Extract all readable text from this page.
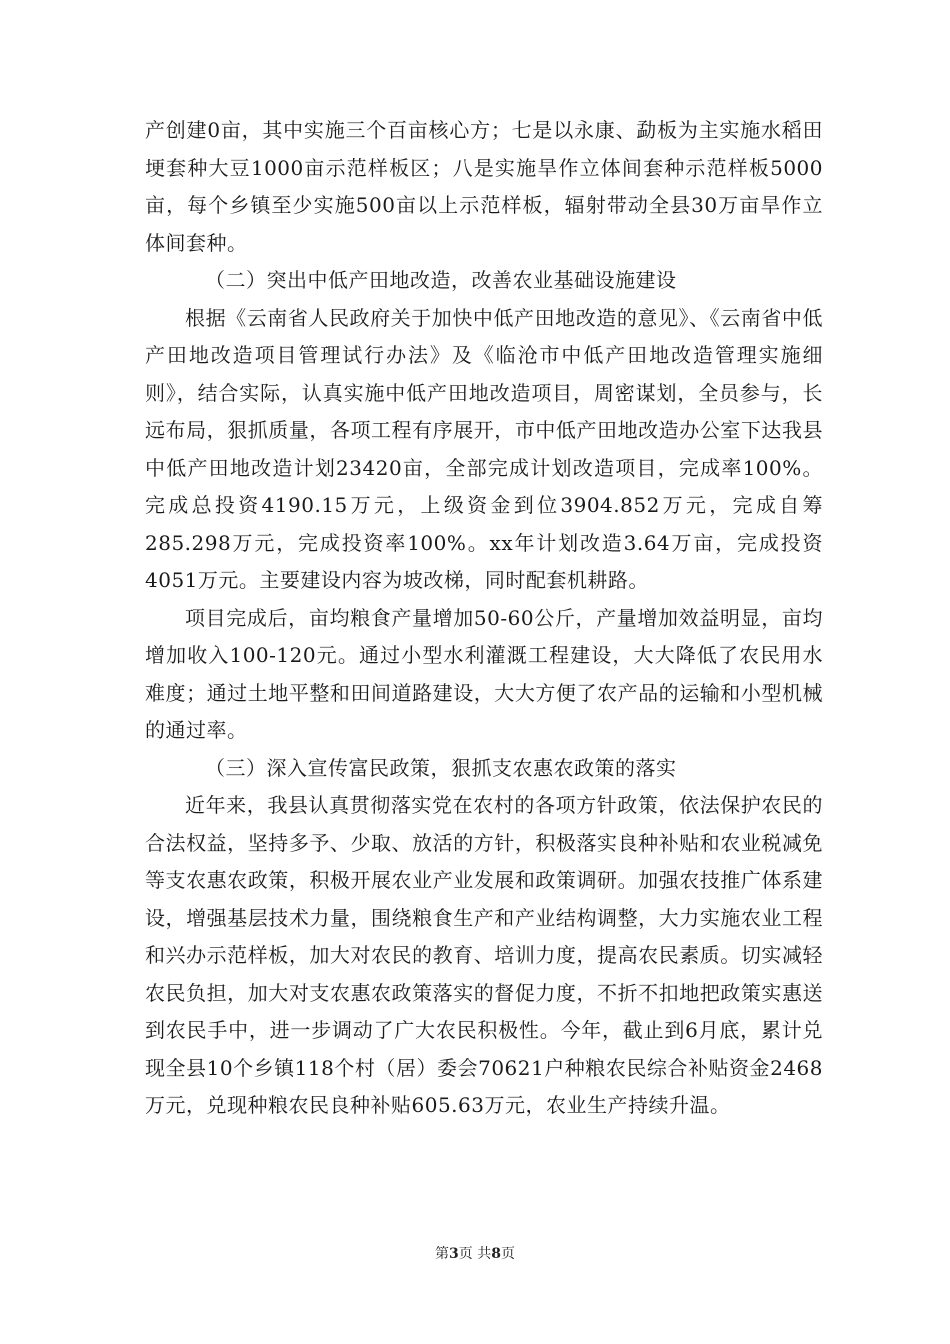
产创建0亩，其中实施三个百亩核心方；七是以永康、勐板为主实施水稻田埂套种大豆1000亩示范样板区；八是实施旱作立体间套种示范样板5000亩，每个乡镇至少实施500亩以上示范样板，辐射带动全县30万亩旱作立体间套种。

（二）突出中低产田地改造，改善农业基础设施建设

根据《云南省人民政府关于加快中低产田地改造的意见》、《云南省中低产田地改造项目管理试行办法》及《临沧市中低产田地改造管理实施细则》，结合实际，认真实施中低产田地改造项目，周密谋划，全员参与，长远布局，狠抓质量，各项工程有序展开，市中低产田地改造办公室下达我县中低产田地改造计划23420亩，全部完成计划改造项目，完成率100%。完成总投资4190.15万元，上级资金到位3904.852万元，完成自筹285.298万元，完成投资率100%。xx年计划改造3.64万亩，完成投资4051万元。主要建设内容为坡改梯，同时配套机耕路。

项目完成后，亩均粮食产量增加50-60公斤，产量增加效益明显，亩均增加收入100-120元。通过小型水利灌溉工程建设，大大降低了农民用水难度；通过土地平整和田间道路建设，大大方便了农产品的运输和小型机械的通过率。

（三）深入宣传富民政策，狠抓支农惠农政策的落实

近年来，我县认真贯彻落实党在农村的各项方针政策，依法保护农民的合法权益，坚持多予、少取、放活的方针，积极落实良种补贴和农业税减免等支农惠农政策，积极开展农业产业发展和政策调研。加强农技推广体系建设，增强基层技术力量，围绕粮食生产和产业结构调整，大力实施农业工程和兴办示范样板，加大对农民的教育、培训力度，提高农民素质。切实减轻农民负担，加大对支农惠农政策落实的督促力度，不折不扣地把政策实惠送到农民手中，进一步调动了广大农民积极性。今年，截止到6月底，累计兑现全县10个乡镇118个村（居）委会70621户种粮农民综合补贴资金2468万元，兑现种粮农民良种补贴605.63万元，农业生产持续升温。

第3页 共8页
